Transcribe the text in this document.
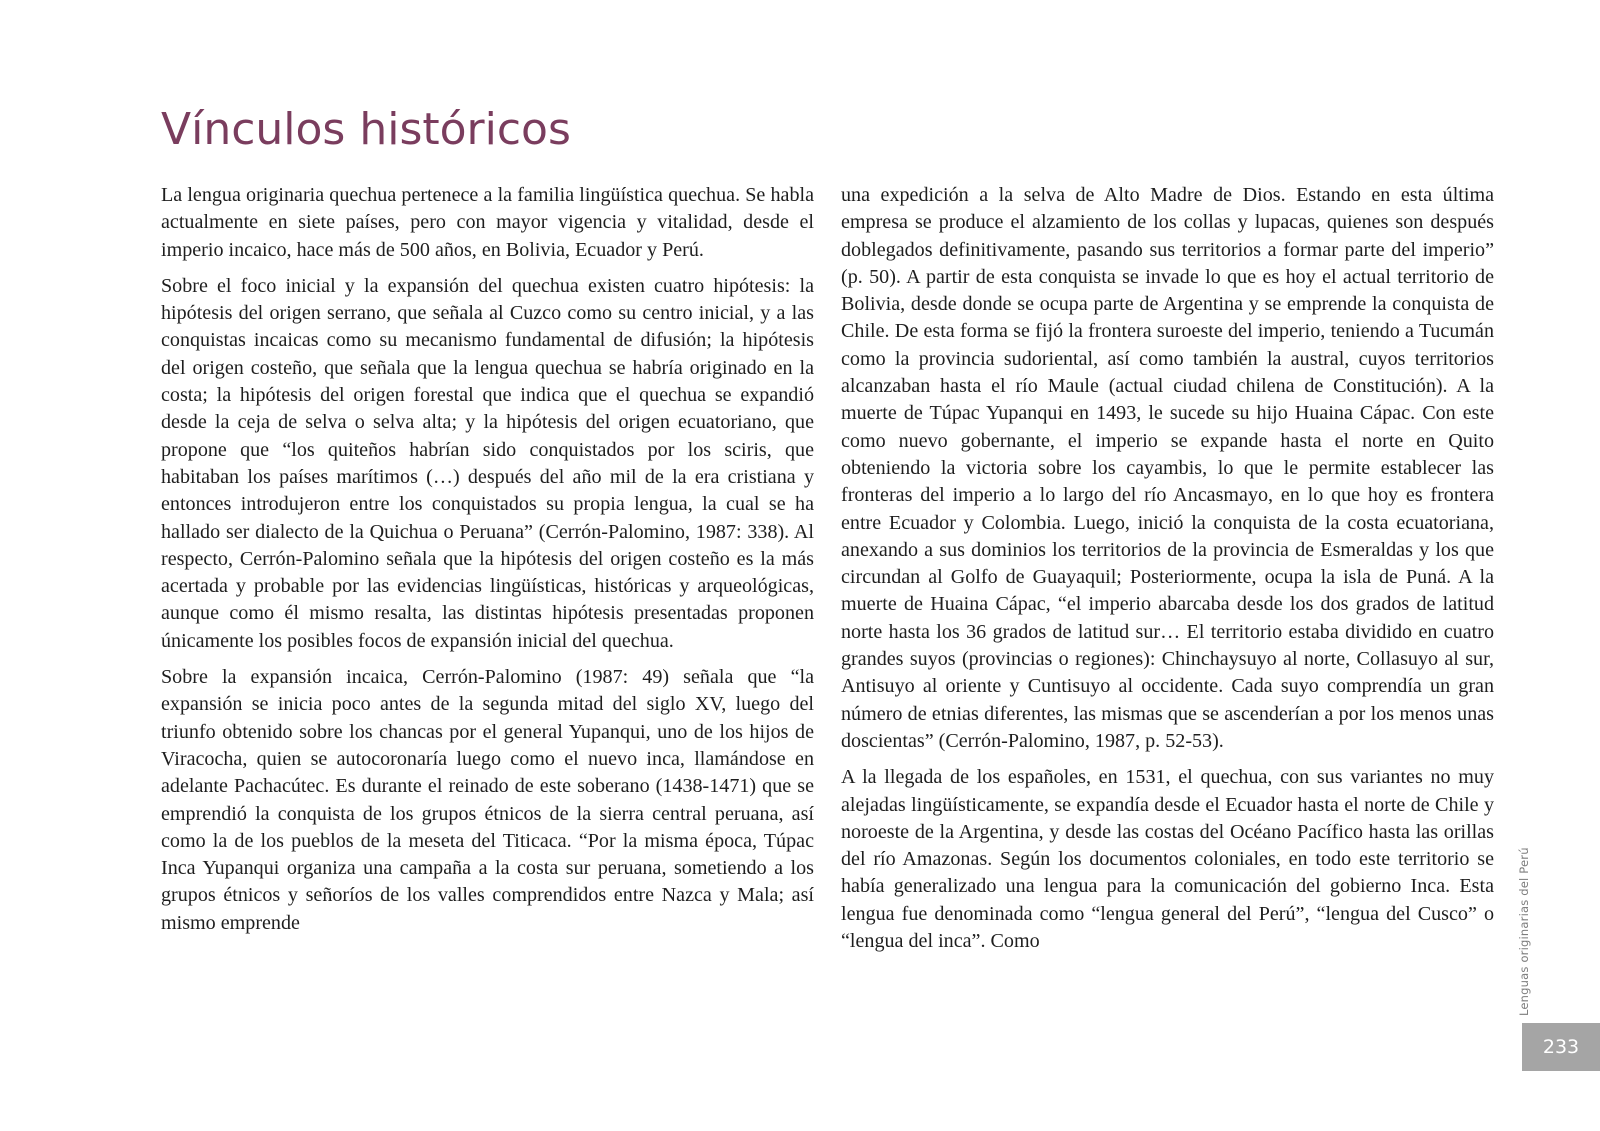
Vínculos históricos

La lengua originaria quechua pertenece a la familia lingüística quechua. Se habla actualmente en siete países, pero con mayor vigencia y vitalidad, desde el imperio incaico, hace más de 500 años, en Bolivia, Ecuador y Perú.

Sobre el foco inicial y la expansión del quechua existen cuatro hipótesis: la hipótesis del origen serrano, que señala al Cuzco como su centro inicial, y a las conquistas incaicas como su mecanismo fundamental de difusión; la hipótesis del origen costeño, que señala que la lengua quechua se habría originado en la costa; la hipótesis del origen forestal que indica que el quechua se expandió desde la ceja de selva o selva alta; y la hipótesis del origen ecuatoriano, que propone que “los quiteños habrían sido conquistados por los sciris, que habitaban los países marítimos (…) después del año mil de la era cristiana y entonces introdujeron entre los conquistados su propia lengua, la cual se ha hallado ser dialecto de la Quichua o Peruana” (Cerrón-Palomino, 1987: 338). Al respecto, Cerrón-Palomino señala que la hipótesis del origen costeño es la más acertada y probable por las evidencias lingüísticas, históricas y arqueológicas, aunque como él mismo resalta, las distintas hipótesis presentadas proponen únicamente los posibles focos de expansión inicial del quechua.

Sobre la expansión incaica, Cerrón-Palomino (1987: 49) señala que “la expansión se inicia poco antes de la segunda mitad del siglo XV, luego del triunfo obtenido sobre los chancas por el general Yupanqui, uno de los hijos de Viracocha, quien se autocoronaría luego como el nuevo inca, llamándose en adelante Pachacútec. Es durante el reinado de este soberano (1438-1471) que se emprendió la conquista de los grupos étnicos de la sierra central peruana, así como la de los pueblos de la meseta del Titicaca. “Por la misma época, Túpac Inca Yupanqui organiza una campaña a la costa sur peruana, sometiendo a los grupos étnicos y señoríos de los valles comprendidos entre Nazca y Mala; así mismo emprende

una expedición a la selva de Alto Madre de Dios. Estando en esta última empresa se produce el alzamiento de los collas y lupacas, quienes son después doblegados definitivamente, pasando sus territorios a formar parte del imperio” (p. 50). A partir de esta conquista se invade lo que es hoy el actual territorio de Bolivia, desde donde se ocupa parte de Argentina y se emprende la conquista de Chile. De esta forma se fijó la frontera suroeste del imperio, teniendo a Tucumán como la provincia sudoriental, así como también la austral, cuyos territorios alcanzaban hasta el río Maule (actual ciudad chilena de Constitución). A la muerte de Túpac Yupanqui en 1493, le sucede su hijo Huaina Cápac. Con este como nuevo gobernante, el imperio se expande hasta el norte en Quito obteniendo la victoria sobre los cayambis, lo que le permite establecer las fronteras del imperio a lo largo del río Ancasmayo, en lo que hoy es frontera entre Ecuador y Colombia. Luego, inició la conquista de la costa ecuatoriana, anexando a sus dominios los territorios de la provincia de Esmeraldas y los que circundan al Golfo de Guayaquil; Posteriormente, ocupa la isla de Puná. A la muerte de Huaina Cápac, “el imperio abarcaba desde los dos grados de latitud norte hasta los 36 grados de latitud sur… El territorio estaba dividido en cuatro grandes suyos (provincias o regiones): Chinchaysuyo al norte, Collasuyo al sur, Antisuyo al oriente y Cuntisuyo al occidente. Cada suyo comprendía un gran número de etnias diferentes, las mismas que se ascenderían a por los menos unas doscientas” (Cerrón-Palomino, 1987, p. 52-53).

A la llegada de los españoles, en 1531, el quechua, con sus variantes no muy alejadas lingüísticamente, se expandía desde el Ecuador hasta el norte de Chile y noroeste de la Argentina, y desde las costas del Océano Pacífico hasta las orillas del río Amazonas. Según los documentos coloniales, en todo este territorio se había generalizado una lengua para la comunicación del gobierno Inca. Esta lengua fue denominada como “lengua general del Perú”, “lengua del Cusco” o “lengua del inca”. Como	Lenguas originarias del Perú
233
